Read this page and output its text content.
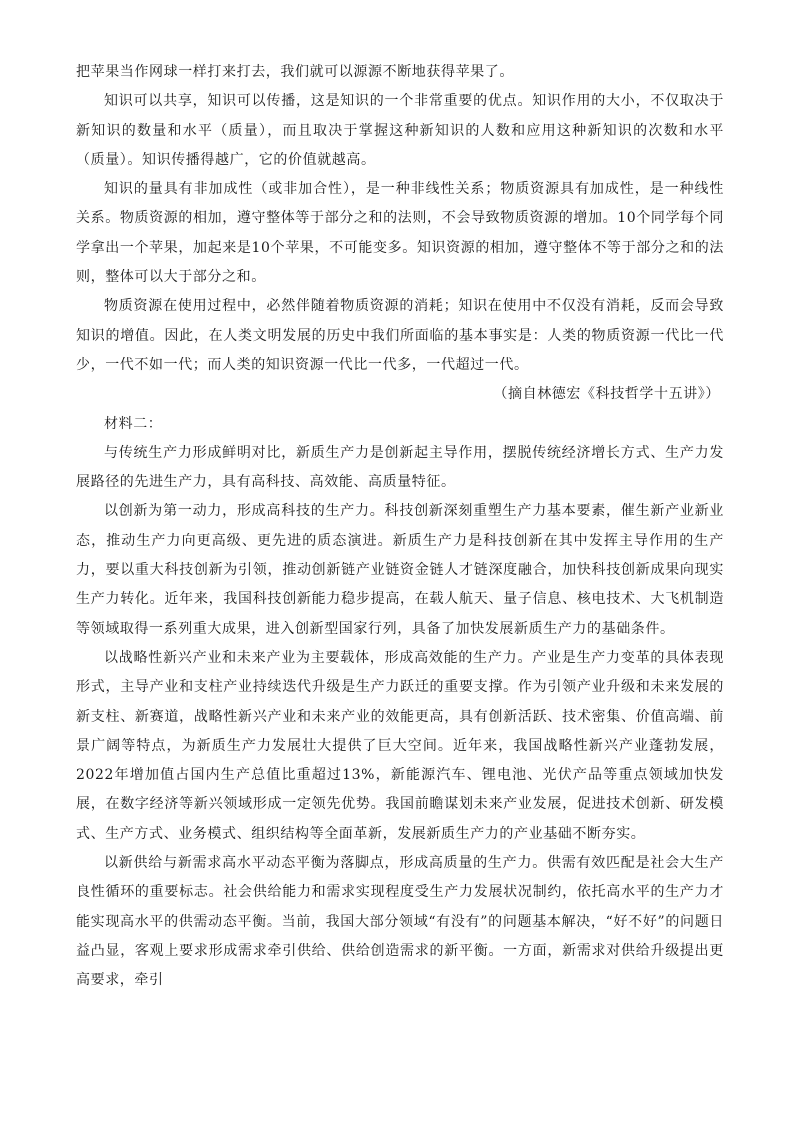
把苹果当作网球一样打来打去，我们就可以源源不断地获得苹果了。

知识可以共享，知识可以传播，这是知识的一个非常重要的优点。知识作用的大小，不仅取决于新知识的数量和水平（质量），而且取决于掌握这种新知识的人数和应用这种新知识的次数和水平（质量）。知识传播得越广，它的价值就越高。

知识的量具有非加成性（或非加合性），是一种非线性关系；物质资源具有加成性，是一种线性关系。物质资源的相加，遵守整体等于部分之和的法则，不会导致物质资源的增加。10个同学每个同学拿出一个苹果，加起来是10个苹果，不可能变多。知识资源的相加，遵守整体不等于部分之和的法则，整体可以大于部分之和。

物质资源在使用过程中，必然伴随着物质资源的消耗；知识在使用中不仅没有消耗，反而会导致知识的增值。因此，在人类文明发展的历史中我们所面临的基本事实是：人类的物质资源一代比一代少，一代不如一代；而人类的知识资源一代比一代多，一代超过一代。

（摘自林德宏《科技哲学十五讲》）

材料二：

与传统生产力形成鲜明对比，新质生产力是创新起主导作用，摆脱传统经济增长方式、生产力发展路径的先进生产力，具有高科技、高效能、高质量特征。

以创新为第一动力，形成高科技的生产力。科技创新深刻重塑生产力基本要素，催生新产业新业态，推动生产力向更高级、更先进的质态演进。新质生产力是科技创新在其中发挥主导作用的生产力，要以重大科技创新为引领，推动创新链产业链资金链人才链深度融合，加快科技创新成果向现实生产力转化。近年来，我国科技创新能力稳步提高，在载人航天、量子信息、核电技术、大飞机制造等领域取得一系列重大成果，进入创新型国家行列，具备了加快发展新质生产力的基础条件。

以战略性新兴产业和未来产业为主要载体，形成高效能的生产力。产业是生产力变革的具体表现形式，主导产业和支柱产业持续迭代升级是生产力跃迁的重要支撑。作为引领产业升级和未来发展的新支柱、新赛道，战略性新兴产业和未来产业的效能更高，具有创新活跃、技术密集、价值高端、前景广阔等特点，为新质生产力发展壮大提供了巨大空间。近年来，我国战略性新兴产业蓬勃发展，2022年增加值占国内生产总值比重超过13%，新能源汽车、锂电池、光伏产品等重点领域加快发展，在数字经济等新兴领域形成一定领先优势。我国前瞻谋划未来产业发展，促进技术创新、研发模式、生产方式、业务模式、组织结构等全面革新，发展新质生产力的产业基础不断夯实。

以新供给与新需求高水平动态平衡为落脚点，形成高质量的生产力。供需有效匹配是社会大生产良性循环的重要标志。社会供给能力和需求实现程度受生产力发展状况制约，依托高水平的生产力才能实现高水平的供需动态平衡。当前，我国大部分领域“有没有”的问题基本解决，“好不好”的问题日益凸显，客观上要求形成需求牵引供给、供给创造需求的新平衡。一方面，新需求对供给升级提出更高要求，牵引
